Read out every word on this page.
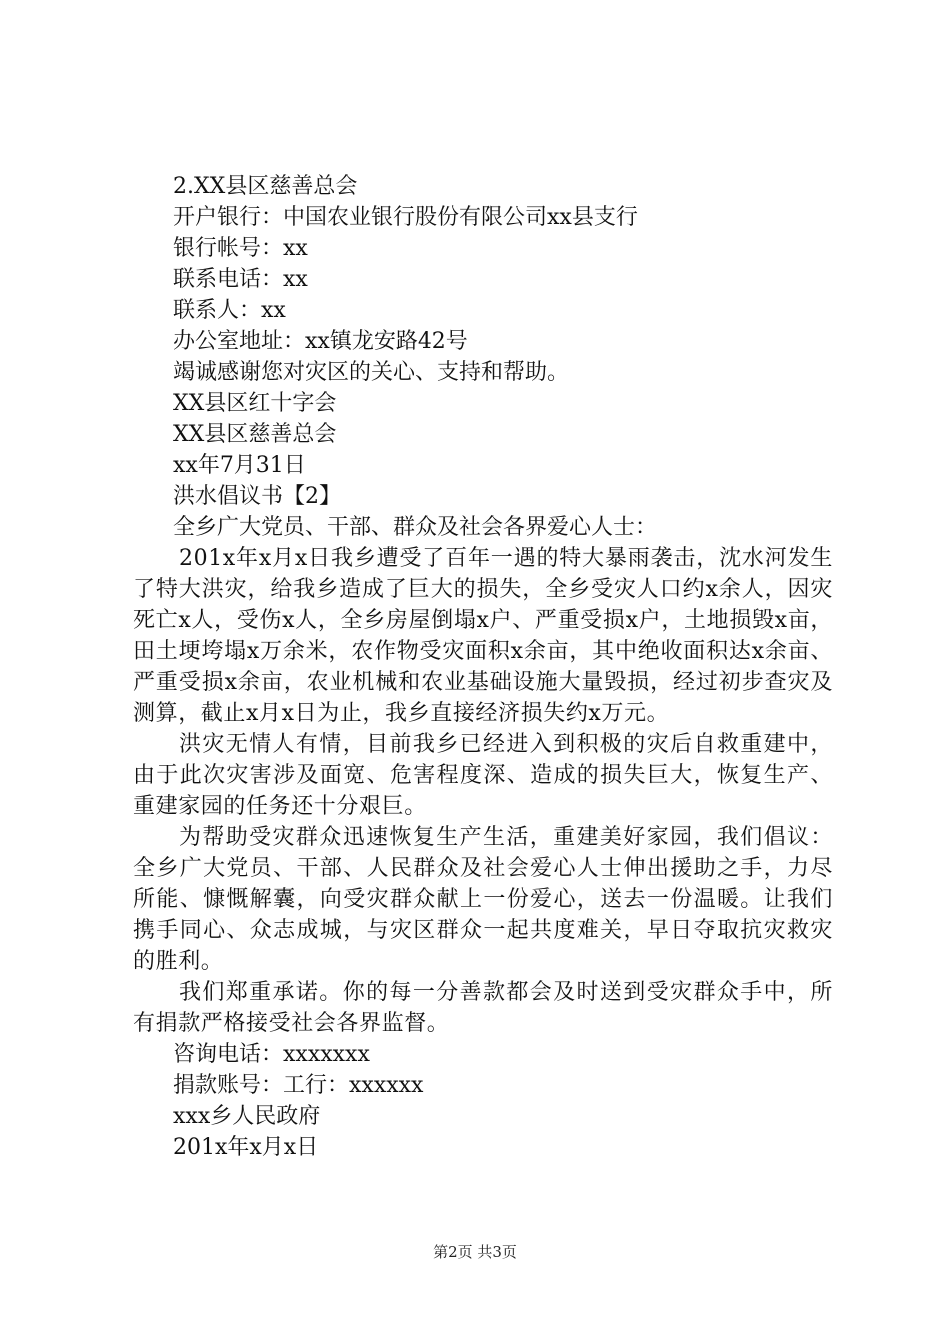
2.XX县区慈善总会

开户银行：中国农业银行股份有限公司xx县支行

银行帐号：xx

联系电话：xx

联系人：xx

办公室地址：xx镇龙安路42号

竭诚感谢您对灾区的关心、支持和帮助。

XX县区红十字会

XX县区慈善总会

xx年7月31日

洪水倡议书【2】

全乡广大党员、干部、群众及社会各界爱心人士：

201x年x月x日我乡遭受了百年一遇的特大暴雨袭击，沈水河发生了特大洪灾，给我乡造成了巨大的损失，全乡受灾人口约x余人，因灾死亡x人，受伤x人，全乡房屋倒塌x户、严重受损x户，土地损毁x亩，田土埂垮塌x万余米，农作物受灾面积x余亩，其中绝收面积达x余亩、严重受损x余亩，农业机械和农业基础设施大量毁损，经过初步查灾及测算，截止x月x日为止，我乡直接经济损失约x万元。

洪灾无情人有情，目前我乡已经进入到积极的灾后自救重建中，由于此次灾害涉及面宽、危害程度深、造成的损失巨大，恢复生产、重建家园的任务还十分艰巨。

为帮助受灾群众迅速恢复生产生活，重建美好家园，我们倡议：全乡广大党员、干部、人民群众及社会爱心人士伸出援助之手，力尽所能、慷慨解囊，向受灾群众献上一份爱心，送去一份温暖。让我们携手同心、众志成城，与灾区群众一起共度难关，早日夺取抗灾救灾的胜利。

我们郑重承诺。你的每一分善款都会及时送到受灾群众手中，所有捐款严格接受社会各界监督。

咨询电话：xxxxxxx

捐款账号：工行：xxxxxx

xxx乡人民政府

201x年x月x日

第2页 共3页
